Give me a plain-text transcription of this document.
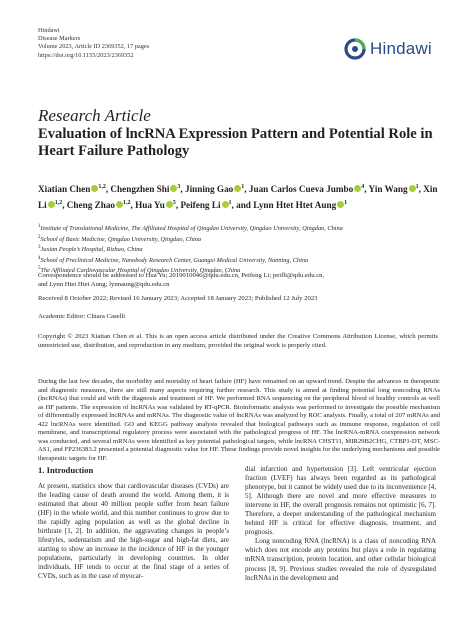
Hindawi
Disease Markers
Volume 2023, Article ID 2369352, 17 pages
https://doi.org/10.1155/2023/2369352	Hindawi
Research Article
Evaluation of lncRNA Expression Pattern and Potential Role in Heart Failure Pathology
Xiatian Chen $^{1,2}$, Chengzhen Shi $^3$, Jinning Gao $^1$, Juan Carlos Cueva Jumbo $^4$, Yin Wang $^1$, Xin Li $^{1,2}$, Cheng Zhao $^{1,2}$, Hua Yu $^5$, Peifeng Li $^1$, and Lynn Htet Htet Aung $^1$
$^1$Institute of Translational Medicine, The Affiliated Hospital of Qingdao University, Qingdao University, Qingdao, China
$^2$School of Basic Medicine, Qingdao University, Qingdao, China
$^3$Juxian People’s Hospital, Rizhao, China
$^4$School of Preclinical Medicine, Nanobody Research Center, Guangxi Medical University, Nanning, China
$^5$The Affiliated Cardiovascular Hospital of Qingdao University, Qingdao, China
Correspondence should be addressed to Hua Yu; 2019010046@qdu.edu.cn, Peifeng Li; peifli@qdu.edu.cn,
and Lynn Htet Htet Aung; lynnaung@qdu.edu.cn
Received 8 October 2022; Revised 16 January 2023; Accepted 18 January 2023; Published 12 July 2023
Academic Editor: Chiara Caselli
Copyright © 2023 Xiatian Chen et al. This is an open access article distributed under the Creative Commons Attribution License, which permits unrestricted use, distribution, and reproduction in any medium, provided the original work is properly cited.
During the last few decades, the morbidity and mortality of heart failure (HF) have remained on an upward trend. Despite the advances in therapeutic and diagnostic measures, there are still many aspects requiring further research. This study is aimed at finding potential long noncoding RNAs (lncRNAs) that could aid with the diagnosis and treatment of HF. We performed RNA sequencing on the peripheral blood of healthy controls as well as HF patients. The expression of lncRNAs was validated by RT-qPCR. Bioinformatic analysis was performed to investigate the possible mechanism of differentially expressed lncRNAs and mRNAs. The diagnostic value of lncRNAs was analyzed by ROC analysis. Finally, a total of 207 mRNAs and 422 lncRNAs were identified. GO and KEGG pathway analysis revealed that biological pathways such as immune response, regulation of cell membrane, and transcriptional regulatory process were associated with the pathological progress of HF. The lncRNA-mRNA coexpression network was conducted, and several mRNAs were identified as key potential pathological targets, while lncRNA CHST11, MIR29B2CHG, CTBP1-DT, MSC-AS1, and FP236383.2 presented a potential diagnostic value for HF. These findings provide novel insights for the underlying mechanisms and possible therapeutic targets for HF.
1. Introduction
At present, statistics show that cardiovascular diseases (CVDs) are the leading cause of death around the world. Among them, it is estimated that about 40 million people suffer from heart failure (HF) in the whole world, and this number continues to grow due to the rapidly aging population as well as the global decline in birthrate [1, 2]. In addition, the aggravating changes in people’s lifestyles, sedentarism and the high-sugar and high-fat diets, are starting to show an increase in the incidence of HF in the younger populations, particularly in developing countries. In older individuals, HF tends to occur at the final stage of a series of CVDs, such as in the case of myocar-
dial infarction and hypertension [3]. Left ventricular ejection fraction (LVEF) has always been regarded as its pathological phenotype, but it cannot be widely used due to its inconvenience [4, 5]. Although there are novel and more effective measures to intervene in HF, the overall prognosis remains not optimistic [6, 7]. Therefore, a deeper understanding of the pathological mechanism behind HF is critical for effective diagnosis, treatment, and prognosis.
Long noncoding RNA (lncRNA) is a class of noncoding RNA which does not encode any proteins but plays a role in regulating mRNA transcription, protein location, and other cellular biological process [8, 9]. Previous studies revealed the role of dysregulated lncRNAs in the development and
